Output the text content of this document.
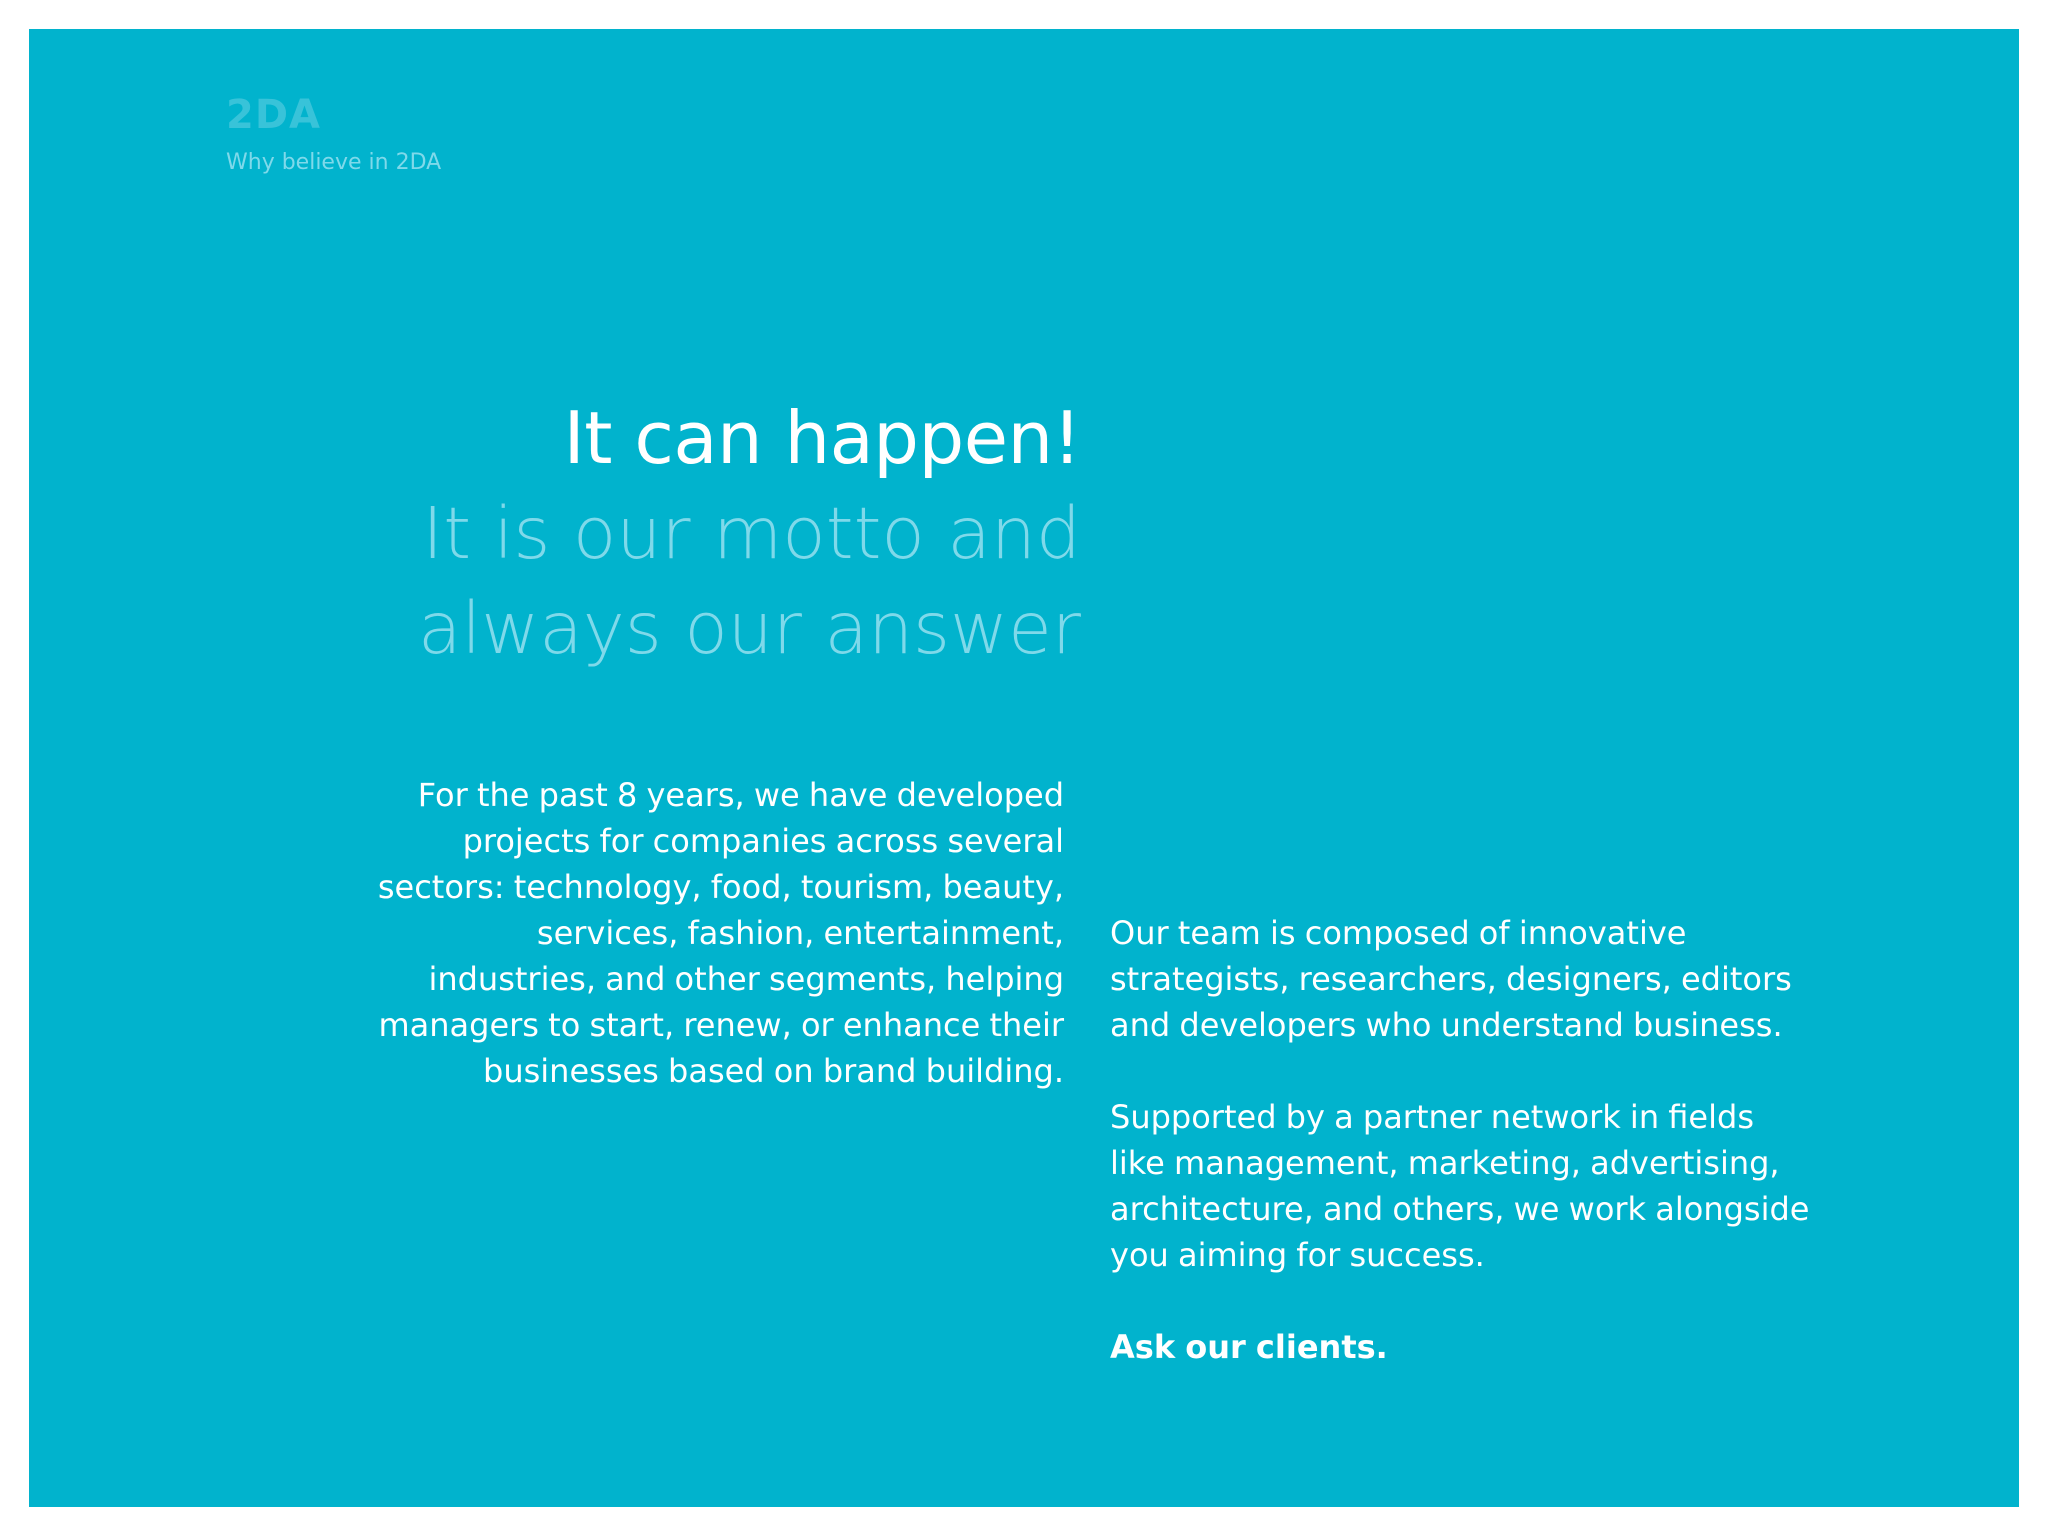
2DA
Why believe in 2DA
It can happen!
It is our motto and
always our answer

For the past 8 years, we have developed projects for companies across several sectors: technology, food, tourism, beauty, services, fashion, entertainment, industries, and other segments, helping managers to start, renew, or enhance their businesses based on brand building.

Our team is composed of innovative strategists, researchers, designers, editors and developers who understand business.

Supported by a partner network in fields like management, marketing, advertising, architecture, and others, we work alongside you aiming for success.

Ask our clients.
